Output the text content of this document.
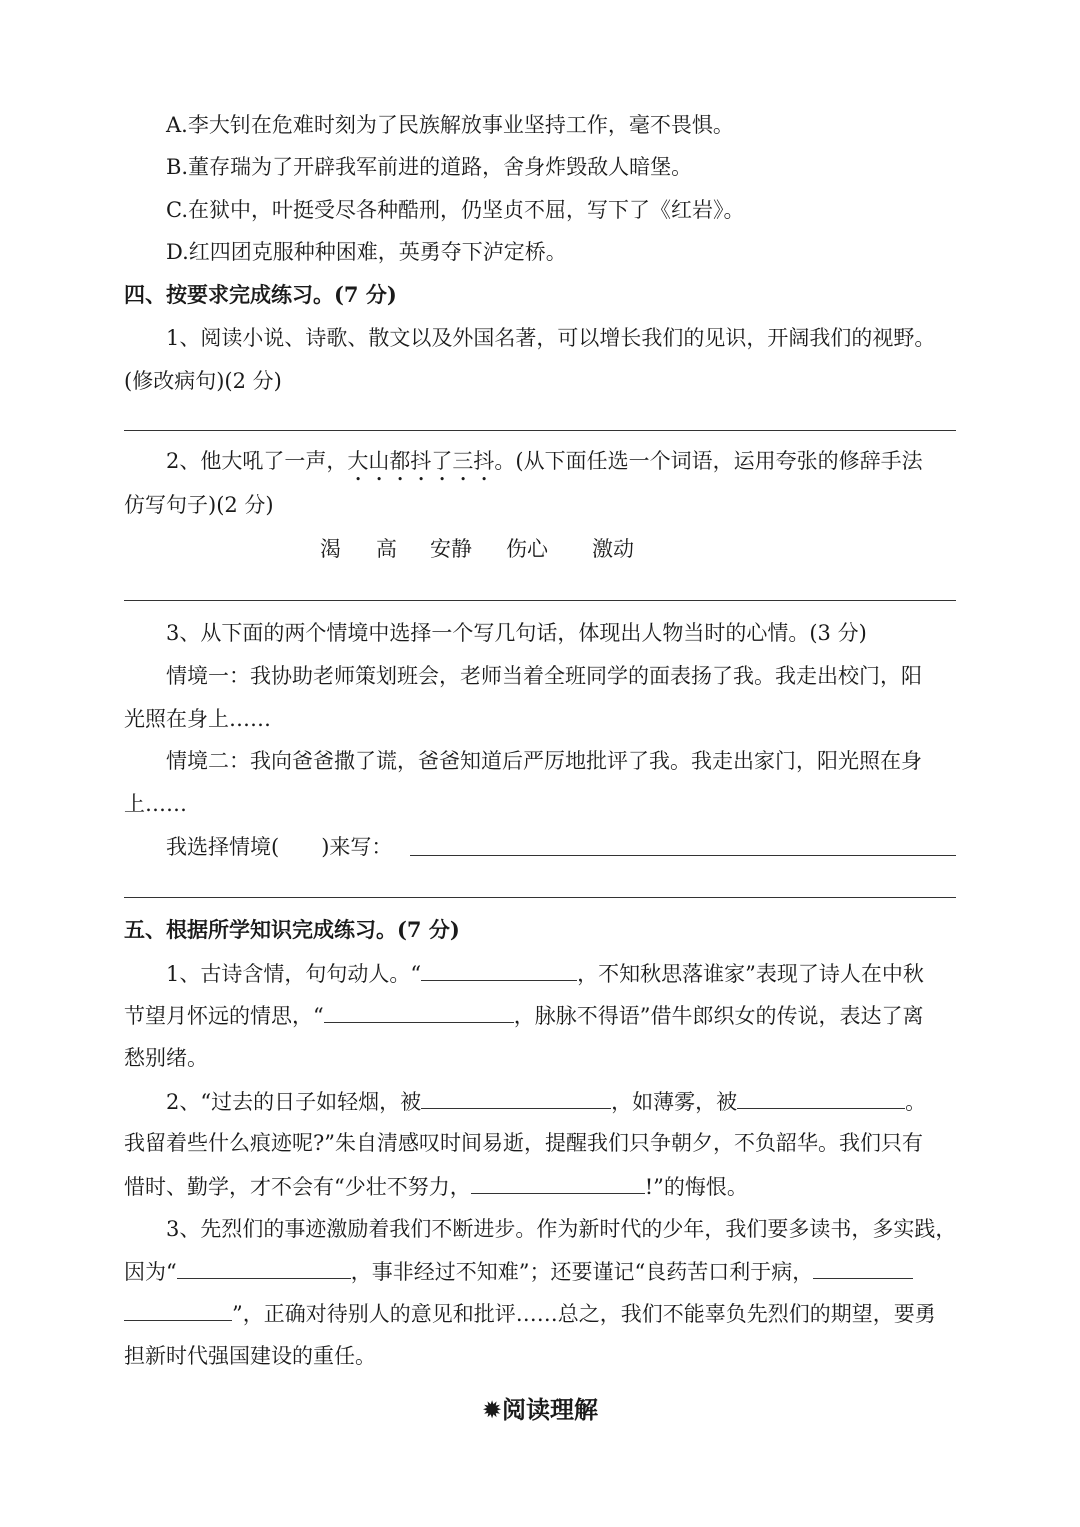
A.李大钊在危难时刻为了民族解放事业坚持工作，毫不畏惧。
B.董存瑞为了开辟我军前进的道路，舍身炸毁敌人暗堡。
C.在狱中，叶挺受尽各种酷刑，仍坚贞不屈，写下了《红岩》。
D.红四团克服种种困难，英勇夺下泸定桥。
四、按要求完成练习。(7 分)
1、阅读小说、诗歌、散文以及外国名著，可以增长我们的见识，开阔我们的视野。
(修改病句)(2 分)
2、他大吼了一声，大山都抖了三抖。(从下面任选一个词语，运用夸张的修辞手法
仿写句子)(2 分)
渴 高 安静 伤心 激动
3、从下面的两个情境中选择一个写几句话，体现出人物当时的心情。(3 分)
情境一：我协助老师策划班会，老师当着全班同学的面表扬了我。我走出校门，阳
光照在身上……
情境二：我向爸爸撒了谎，爸爸知道后严厉地批评了我。我走出家门，阳光照在身
上……
我选择情境(　　)来写：
五、根据所学知识完成练习。(7 分)
1、古诗含情，句句动人。“	，不知秋思落谁家”表现了诗人在中秋
节望月怀远的情思，“	，脉脉不得语”借牛郎织女的传说，表达了离
愁别绪。
2、“过去的日子如轻烟，被	，如薄雾，被	。
我留着些什么痕迹呢?”朱自清感叹时间易逝，提醒我们只争朝夕，不负韶华。我们只有
惜时、勤学，才不会有“少壮不努力，	!”的悔恨。
3、先烈们的事迹激励着我们不断进步。作为新时代的少年，我们要多读书，多实践，
因为“	，事非经过不知难”；还要谨记“良药苦口利于病，
”，正确对待别人的意见和批评……总之，我们不能辜负先烈们的期望，要勇
担新时代强国建设的重任。
✹阅读理解
